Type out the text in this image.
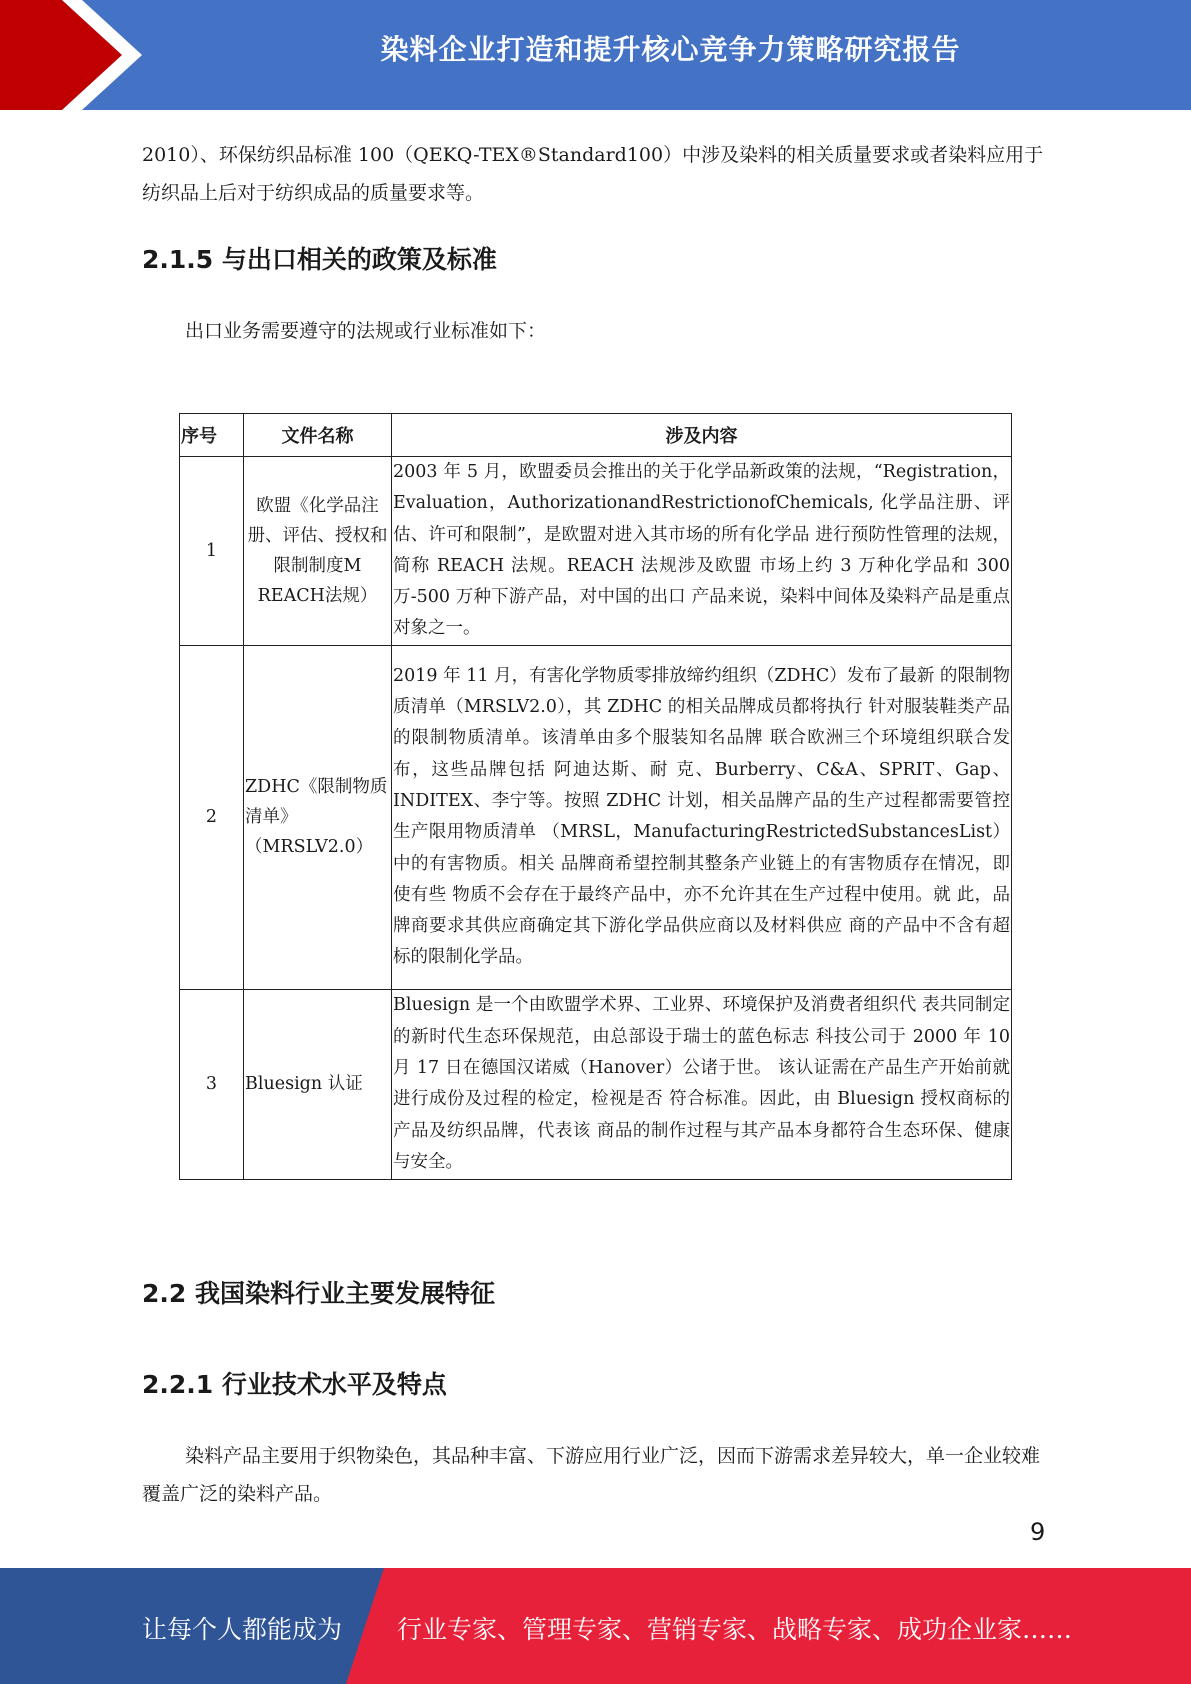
染料企业打造和提升核心竞争力策略研究报告

2010）、环保纺织品标准 100（QEKQ-TEX®Standard100）中涉及染料的相关质量要求或者染料应用于纺织品上后对于纺织成品的质量要求等。

2.1.5 与出口相关的政策及标准

出口业务需要遵守的法规或行业标准如下：

序号	文件名称	涉及内容
1	欧盟《化学品注册、评估、授权和限制制度M REACH法规）	2003 年 5 月，欧盟委员会推出的关于化学品新政策的法规，“Registration，Evaluation，AuthorizationandRestrictionofChemicals, 化学品注册、评估、许可和限制”，是欧盟对进入其市场的所有化学品 进行预防性管理的法规，简称 REACH 法规。REACH 法规涉及欧盟 市场上约 3 万种化学品和 300 万-500 万种下游产品，对中国的出口 产品来说，染料中间体及染料产品是重点对象之一。
2	ZDHC《限制物质清单》（MRSLV2.0）	2019 年 11 月，有害化学物质零排放缔约组织（ZDHC）发布了最新 的限制物质清单（MRSLV2.0），其 ZDHC 的相关品牌成员都将执行 针对服装鞋类产品的限制物质清单。该清单由多个服装知名品牌 联合欧洲三个环境组织联合发布，这些品牌包括 阿迪达斯、耐 克、Burberry、C&A、SPRIT、Gap、INDITEX、李宁等。按照 ZDHC 计划，相关品牌产品的生产过程都需要管控生产限用物质清单 （MRSL，ManufacturingRestrictedSubstancesList）中的有害物质。相关 品牌商希望控制其整条产业链上的有害物质存在情况，即使有些 物质不会存在于最终产品中，亦不允许其在生产过程中使用。就 此，品牌商要求其供应商确定其下游化学品供应商以及材料供应 商的产品中不含有超标的限制化学品。
3	Bluesign 认证	Bluesign 是一个由欧盟学术界、工业界、环境保护及消费者组织代 表共同制定的新时代生态环保规范，由总部设于瑞士的蓝色标志 科技公司于 2000 年 10 月 17 日在德国汉诺威（Hanover）公诸于世。 该认证需在产品生产开始前就进行成份及过程的检定，检视是否 符合标准。因此，由 Bluesign 授权商标的产品及纺织品牌，代表该 商品的制作过程与其产品本身都符合生态环保、健康与安全。
2.2 我国染料行业主要发展特征
2.2.1 行业技术水平及特点

染料产品主要用于织物染色，其品种丰富、下游应用行业广泛，因而下游需求差异较大，单一企业较难覆盖广泛的染料产品。

9
让每个人都能成为 行业专家、管理专家、营销专家、战略专家、成功企业家……
